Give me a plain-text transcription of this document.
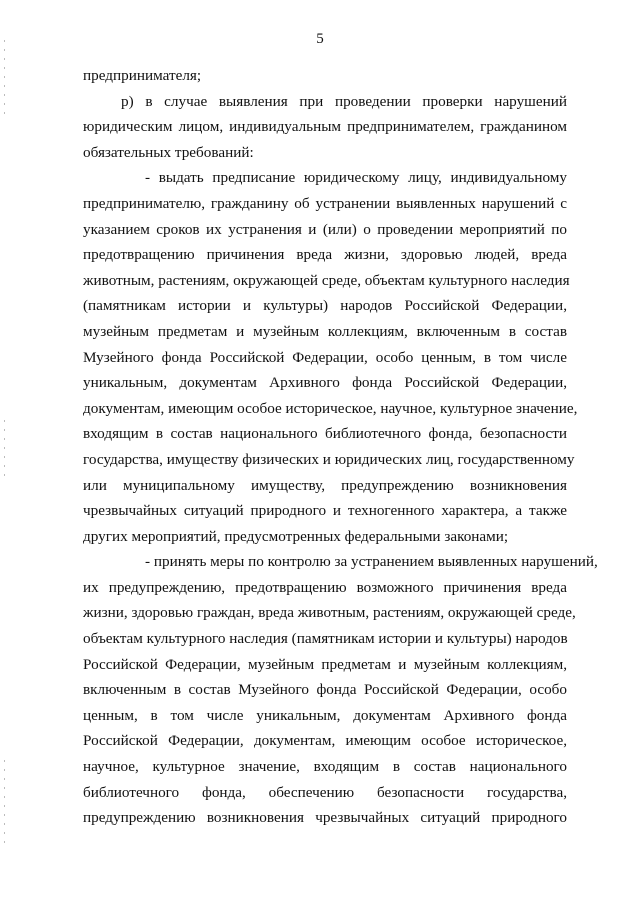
5
предпринимателя;
р) в случае выявления при проведении проверки нарушений
юридическим лицом, индивидуальным предпринимателем, гражданином
обязательных требований:
- выдать предписание юридическому лицу, индивидуальному
предпринимателю, гражданину об устранении выявленных нарушений с
указанием сроков их устранения и (или) о проведении мероприятий по
предотвращению причинения вреда жизни, здоровью людей, вреда
животным, растениям, окружающей среде, объектам культурного наследия
(памятникам истории и культуры) народов Российской Федерации,
музейным предметам и музейным коллекциям, включенным в состав
Музейного фонда Российской Федерации, особо ценным, в том числе
уникальным, документам Архивного фонда Российской Федерации,
документам, имеющим особое историческое, научное, культурное значение,
входящим в состав национального библиотечного фонда, безопасности
государства, имуществу физических и юридических лиц, государственному
или муниципальному имуществу, предупреждению возникновения
чрезвычайных ситуаций природного и техногенного характера, а также
других мероприятий, предусмотренных федеральными законами;
- принять меры по контролю за устранением выявленных нарушений,
их предупреждению, предотвращению возможного причинения вреда
жизни, здоровью граждан, вреда животным, растениям, окружающей среде,
объектам культурного наследия (памятникам истории и культуры) народов
Российской Федерации, музейным предметам и музейным коллекциям,
включенным в состав Музейного фонда Российской Федерации, особо
ценным, в том числе уникальным, документам Архивного фонда
Российской Федерации, документам, имеющим особое историческое,
научное, культурное значение, входящим в состав национального
библиотечного фонда, обеспечению безопасности государства,
предупреждению возникновения чрезвычайных ситуаций природного
